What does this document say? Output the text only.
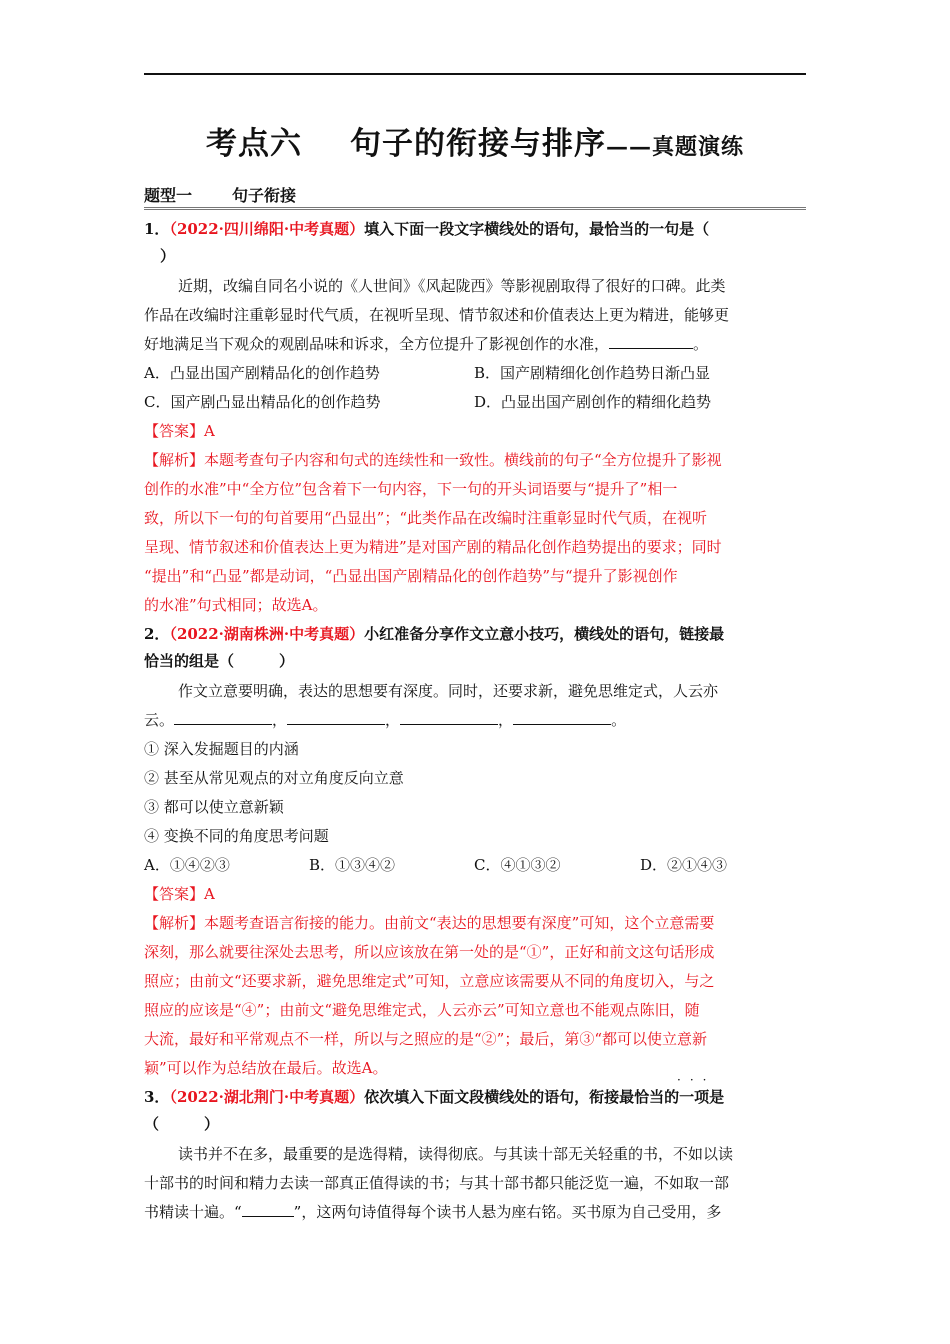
考点六 句子的衔接与排序——真题演练
题型一	句子衔接
1．（2022·四川绵阳·中考真题）填入下面一段文字横线处的语句，最恰当的一句是（
）
近期，改编自同名小说的《人世间》《风起陇西》等影视剧取得了很好的口碑。此类
作品在改编时注重彰显时代气质，在视听呈现、情节叙述和价值表达上更为精进，能够更
好地满足当下观众的观剧品味和诉求，全方位提升了影视创作的水准，	。
A．凸显出国产剧精品化的创作趋势	B．国产剧精细化创作趋势日渐凸显
C．国产剧凸显出精品化的创作趋势	D．凸显出国产剧创作的精细化趋势
【答案】A
【解析】本题考查句子内容和句式的连续性和一致性。横线前的句子“全方位提升了影视
创作的水准”中“全方位”包含着下一句内容，下一句的开头词语要与“提升了”相一
致，所以下一句的句首要用“凸显出”；“此类作品在改编时注重彰显时代气质，在视听
呈现、情节叙述和价值表达上更为精进”是对国产剧的精品化创作趋势提出的要求；同时
“提出”和“凸显”都是动词，“凸显出国产剧精品化的创作趋势”与“提升了影视创作
的水准”句式相同；故选A。
2．（2022·湖南株洲·中考真题）小红准备分享作文立意小技巧，横线处的语句，链接最
恰当的组是（　　　）
作文立意要明确，表达的思想要有深度。同时，还要求新，避免思维定式，人云亦
云。	，	，	，	。
① 深入发掘题目的内涵
② 甚至从常见观点的对立角度反向立意
③ 都可以使立意新颖
④ 变换不同的角度思考问题
A．①④②③	B．①③④②	C．④①③②	D．②①④③
【答案】A
【解析】本题考查语言衔接的能力。由前文“表达的思想要有深度”可知，这个立意需要
深刻，那么就要往深处去思考，所以应该放在第一处的是“①”，正好和前文这句话形成
照应；由前文“还要求新，避免思维定式”可知，立意应该需要从不同的角度切入，与之
照应的应该是“④”；由前文“避免思维定式，人云亦云”可知立意也不能观点陈旧，随
大流，最好和平常观点不一样，所以与之照应的是“②”；最后，第③“都可以使立意新
颖”可以作为总结放在最后。故选A。
···
3．（2022·湖北荆门·中考真题）依次填入下面文段横线处的语句，衔接最恰当的一项是
（　　　）
读书并不在多，最重要的是选得精，读得彻底。与其读十部无关轻重的书，不如以读
十部书的时间和精力去读一部真正值得读的书；与其十部书都只能泛览一遍，不如取一部
书精读十遍。“	”，这两句诗值得每个读书人悬为座右铭。买书原为自己受用，多
